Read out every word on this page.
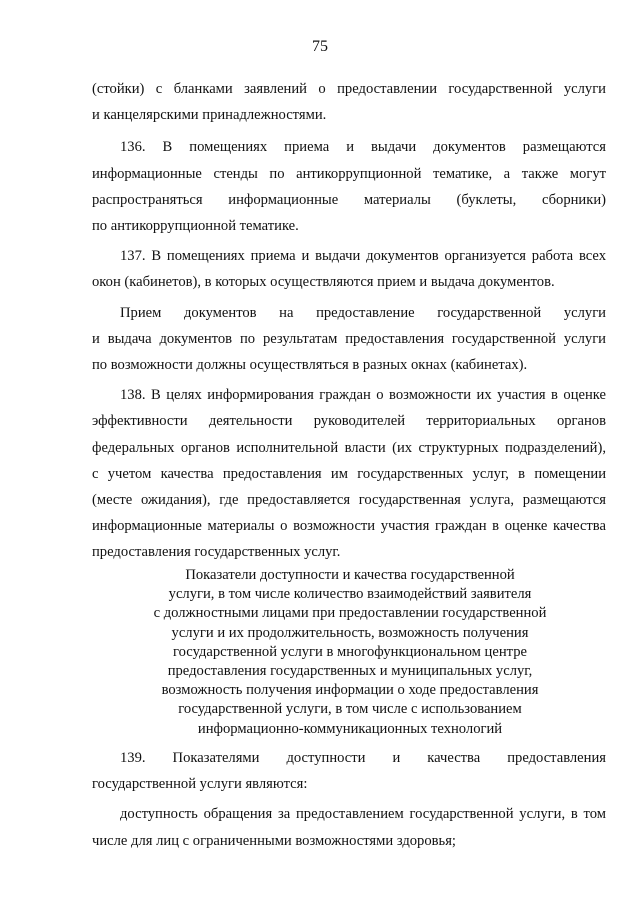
75

(стойки) с бланками заявлений о предоставлении государственной услуги
и канцелярскими принадлежностями.

136. В помещениях приема и выдачи документов размещаются
информационные стенды по антикоррупционной тематике, а также могут
распространяться информационные материалы (буклеты, сборники)
по антикоррупционной тематике.

137. В помещениях приема и выдачи документов организуется работа всех
окон (кабинетов), в которых осуществляются прием и выдача документов.

Прием документов на предоставление государственной услуги
и выдача документов по результатам предоставления государственной услуги
по возможности должны осуществляться в разных окнах (кабинетах).

138. В целях информирования граждан о возможности их участия в оценке
эффективности деятельности руководителей территориальных органов
федеральных органов исполнительной власти (их структурных подразделений),
с учетом качества предоставления им государственных услуг, в помещении
(месте ожидания), где предоставляется государственная услуга, размещаются
информационные материалы о возможности участия граждан в оценке качества
предоставления государственных услуг.

Показатели доступности и качества государственной
услуги, в том числе количество взаимодействий заявителя
с должностными лицами при предоставлении государственной
услуги и их продолжительность, возможность получения
государственной услуги в многофункциональном центре
предоставления государственных и муниципальных услуг,
возможность получения информации о ходе предоставления
государственной услуги, в том числе с использованием
информационно-коммуникационных технологий

139. Показателями доступности и качества предоставления
государственной услуги являются:

доступность обращения за предоставлением государственной услуги, в том
числе для лиц с ограниченными возможностями здоровья;
